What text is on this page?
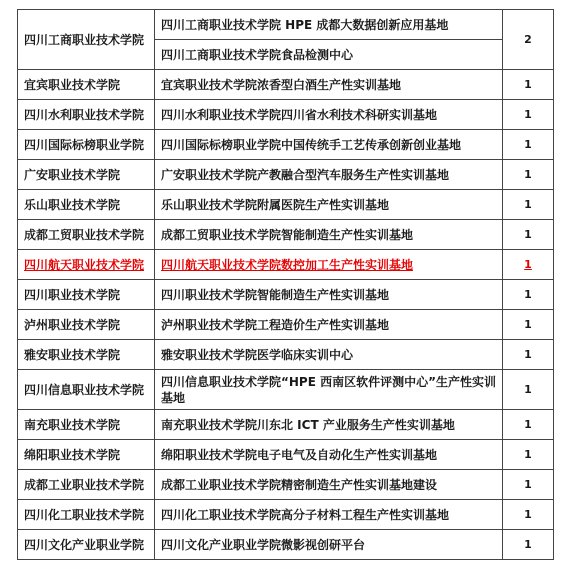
四川工商职业技术学院	四川工商职业技术学院 HPE 成都大数据创新应用基地	2
	四川工商职业技术学院食品检测中心	
宜宾职业技术学院	宜宾职业技术学院浓香型白酒生产性实训基地	1
四川水利职业技术学院	四川水利职业技术学院四川省水利技术科研实训基地	1
四川国际标榜职业学院	四川国际标榜职业学院中国传统手工艺传承创新创业基地	1
广安职业技术学院	广安职业技术学院产教融合型汽车服务生产性实训基地	1
乐山职业技术学院	乐山职业技术学院附属医院生产性实训基地	1
成都工贸职业技术学院	成都工贸职业技术学院智能制造生产性实训基地	1
四川航天职业技术学院	四川航天职业技术学院数控加工生产性实训基地	1
四川职业技术学院	四川职业技术学院智能制造生产性实训基地	1
泸州职业技术学院	泸州职业技术学院工程造价生产性实训基地	1
雅安职业技术学院	雅安职业技术学院医学临床实训中心	1
四川信息职业技术学院	四川信息职业技术学院“HPE 西南区软件评测中心”生产性实训基地	1
南充职业技术学院	南充职业技术学院川东北 ICT 产业服务生产性实训基地	1
绵阳职业技术学院	绵阳职业技术学院电子电气及自动化生产性实训基地	1
成都工业职业技术学院	成都工业职业技术学院精密制造生产性实训基地建设	1
四川化工职业技术学院	四川化工职业技术学院高分子材料工程生产性实训基地	1
四川文化产业职业学院	四川文化产业职业学院微影视创研平台	1
